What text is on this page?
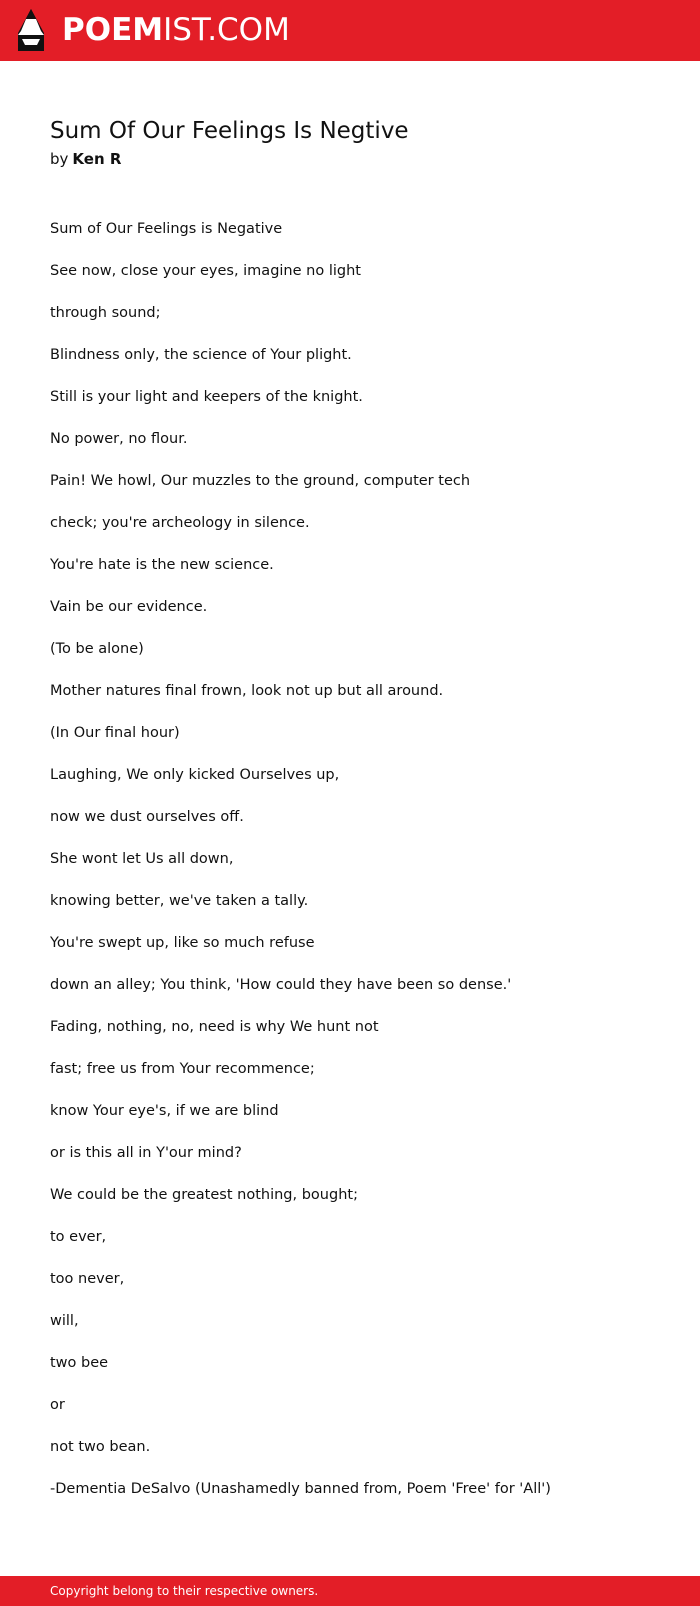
POEMIST.COM
Sum Of Our Feelings Is Negtive
by Ken R
Sum of Our Feelings is Negative
See now, close your eyes, imagine no light
through sound;
Blindness only, the science of Your plight.
Still is your light and keepers of the knight.
No power, no flour.
Pain! We howl, Our muzzles to the ground, computer tech
check; you're archeology in silence.
You're hate is the new science.
Vain be our evidence.
(To be alone)
Mother natures final frown, look not up but all around.
(In Our final hour)
Laughing, We only kicked Ourselves up,
now we dust ourselves off.
She wont let Us all down,
knowing better, we've taken a tally.
You're swept up, like so much refuse
down an alley; You think, 'How could they have been so dense.'
Fading, nothing, no, need is why We hunt not
fast; free us from Your recommence;
know Your eye's, if we are blind
or is this all in Y'our mind?
We could be the greatest nothing, bought;
to ever,
too never,
will,
two bee
or
not two bean.
-Dementia DeSalvo (Unashamedly banned from, Poem 'Free' for 'All')
Copyright belong to their respective owners.
